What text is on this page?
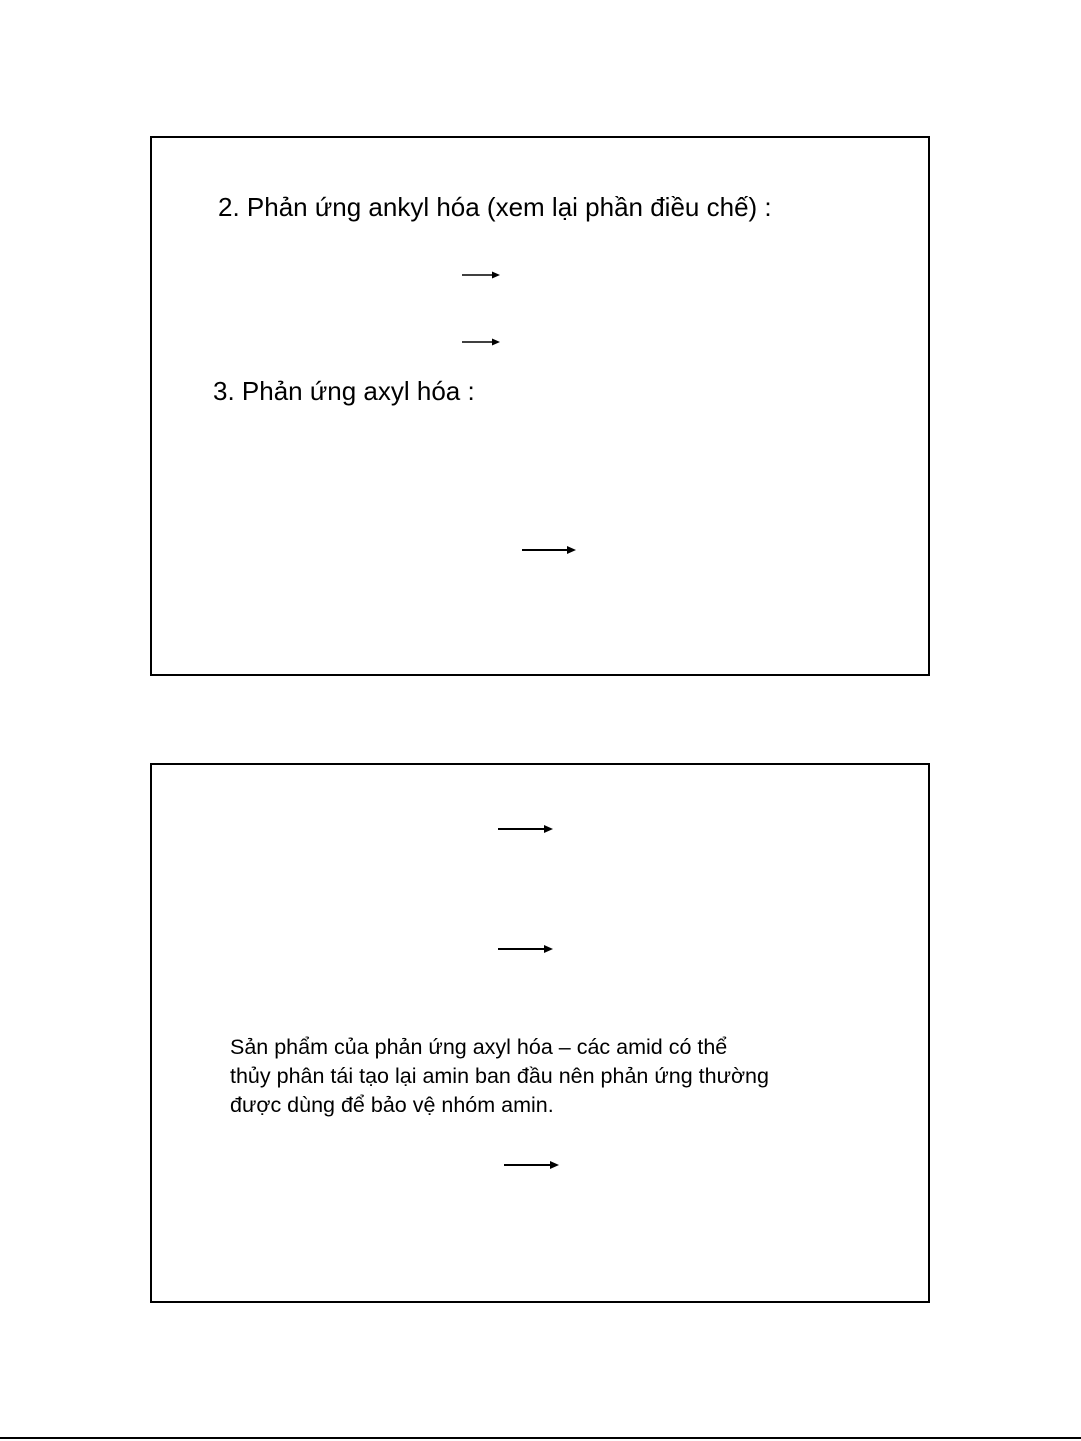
2. Phản ứng ankyl hóa (xem lại phần điều chế) :
3. Phản ứng axyl hóa :

Sản phẩm của phản ứng axyl hóa – các amid có thể
thủy phân tái tạo lại amin ban đầu nên phản ứng thường
được dùng để bảo vệ nhóm amin.
